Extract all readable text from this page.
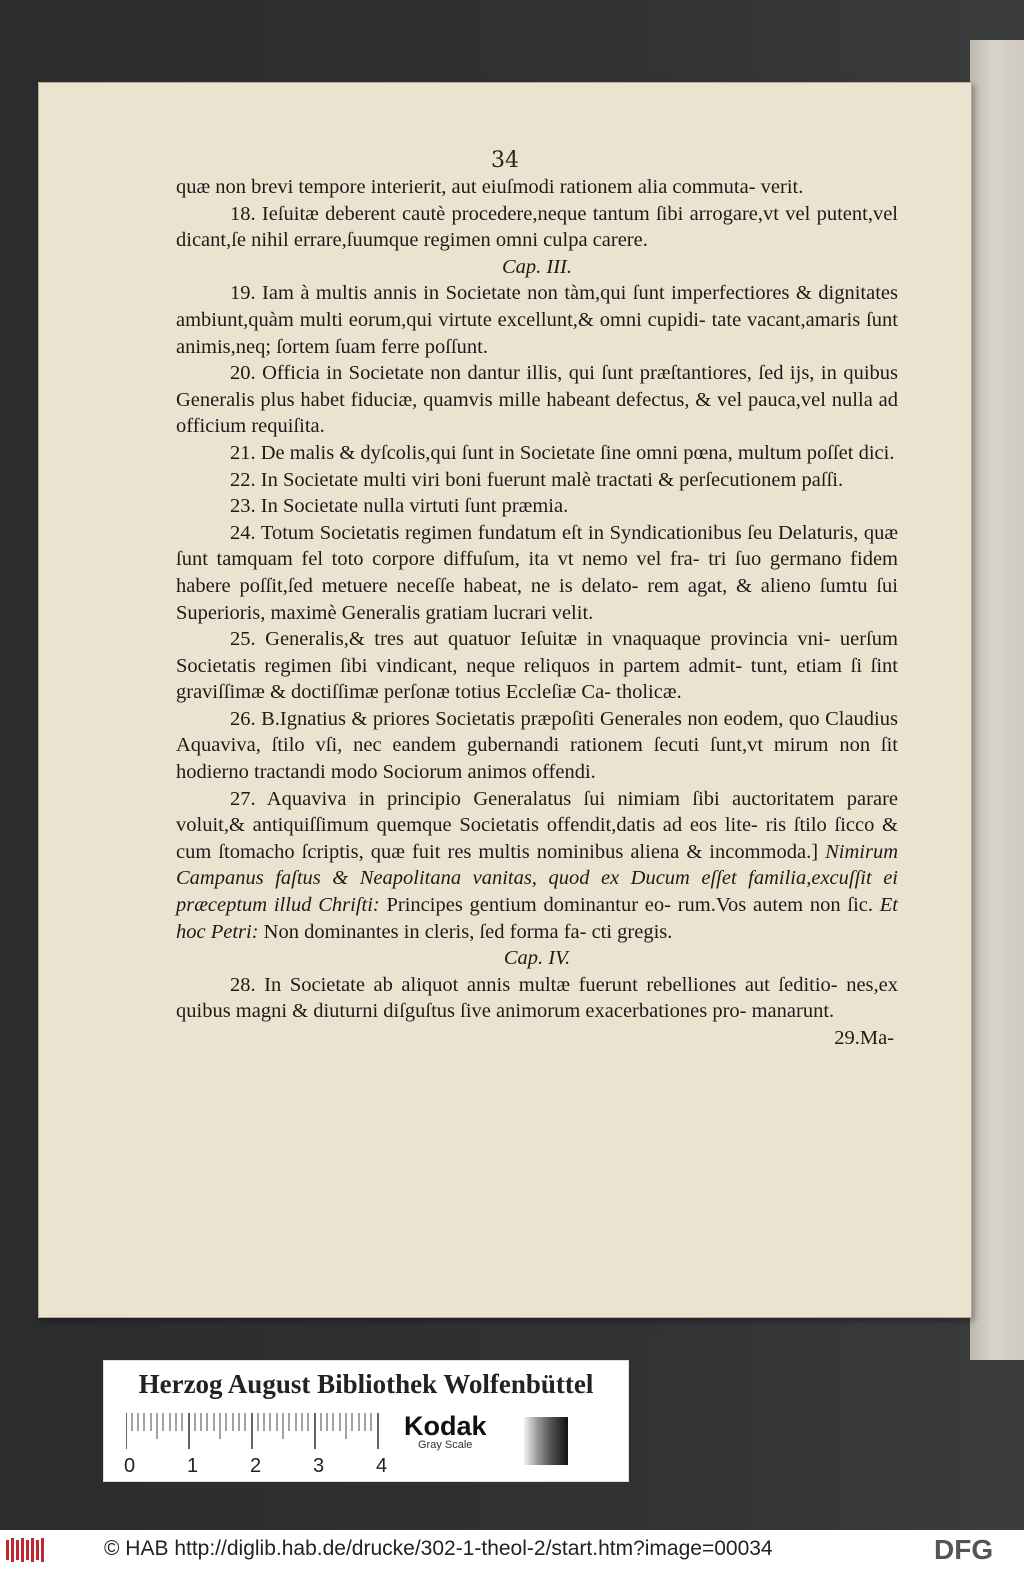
34

quæ non brevi tempore interierit, aut eiuſmodi rationem alia commuta- verit.

18. Ieſuitæ deberent cautè procedere,neque tantum ſibi arrogare,vt vel putent,vel dicant,ſe nihil errare,ſuumque regimen omni culpa carere.

Cap. III.

19. Iam à multis annis in Societate non tàm,qui ſunt imperfectiores & dignitates ambiunt,quàm multi eorum,qui virtute excellunt,& omni cupidi- tate vacant,amaris ſunt animis,neq; ſortem ſuam ferre poſſunt.

20. Officia in Societate non dantur illis, qui ſunt præſtantiores, ſed ijs, in quibus Generalis plus habet fiduciæ, quamvis mille habeant defectus, & vel pauca,vel nulla ad officium requiſita.

21. De malis & dyſcolis,qui ſunt in Societate ſine omni pœna, multum poſſet dici.

22. In Societate multi viri boni fuerunt malè tractati & perſecutionem paſſi.

23. In Societate nulla virtuti ſunt præmia.

24. Totum Societatis regimen fundatum eſt in Syndicationibus ſeu Delaturis, quæ ſunt tamquam fel toto corpore diffuſum, ita vt nemo vel fra- tri ſuo germano fidem habere poſſit,ſed metuere neceſſe habeat, ne is delato- rem agat, & alieno ſumtu ſui Superioris, maximè Generalis gratiam lucrari velit.

25. Generalis,& tres aut quatuor Ieſuitæ in vnaquaque provincia vni- uerſum Societatis regimen ſibi vindicant, neque reliquos in partem admit- tunt, etiam ſi ſint graviſſimæ & doctiſſimæ perſonæ totius Eccleſiæ Ca- tholicæ.

26. B.Ignatius & priores Societatis præpoſiti Generales non eodem, quo Claudius Aquaviva, ſtilo vſi, nec eandem gubernandi rationem ſecuti ſunt,vt mirum non ſit hodierno tractandi modo Sociorum animos offendi.

27. Aquaviva in principio Generalatus ſui nimiam ſibi auctoritatem parare voluit,& antiquiſſimum quemque Societatis offendit,datis ad eos lite- ris ſtilo ſicco & cum ſtomacho ſcriptis, quæ fuit res multis nominibus aliena & incommoda.] Nimirum Campanus faſtus & Neapolitana vanitas, quod ex Ducum eſſet familia,excuſſit ei præceptum illud Chriſti: Principes gentium dominantur eo- rum.Vos autem non ſic. Et hoc Petri: Non dominantes in cleris, ſed forma fa- cti gregis.

Cap. IV.

28. In Societate ab aliquot annis multæ fuerunt rebelliones aut ſeditio- nes,ex quibus magni & diuturni diſguſtus ſive animorum exacerbationes pro- manarunt.

29.Ma-

Herzog August Bibliothek Wolfenbüttel
0	1	2	3	4
Kodak
Gray Scale
© HAB http://diglib.hab.de/drucke/302-1-theol-2/start.htm?image=00034	DFG
